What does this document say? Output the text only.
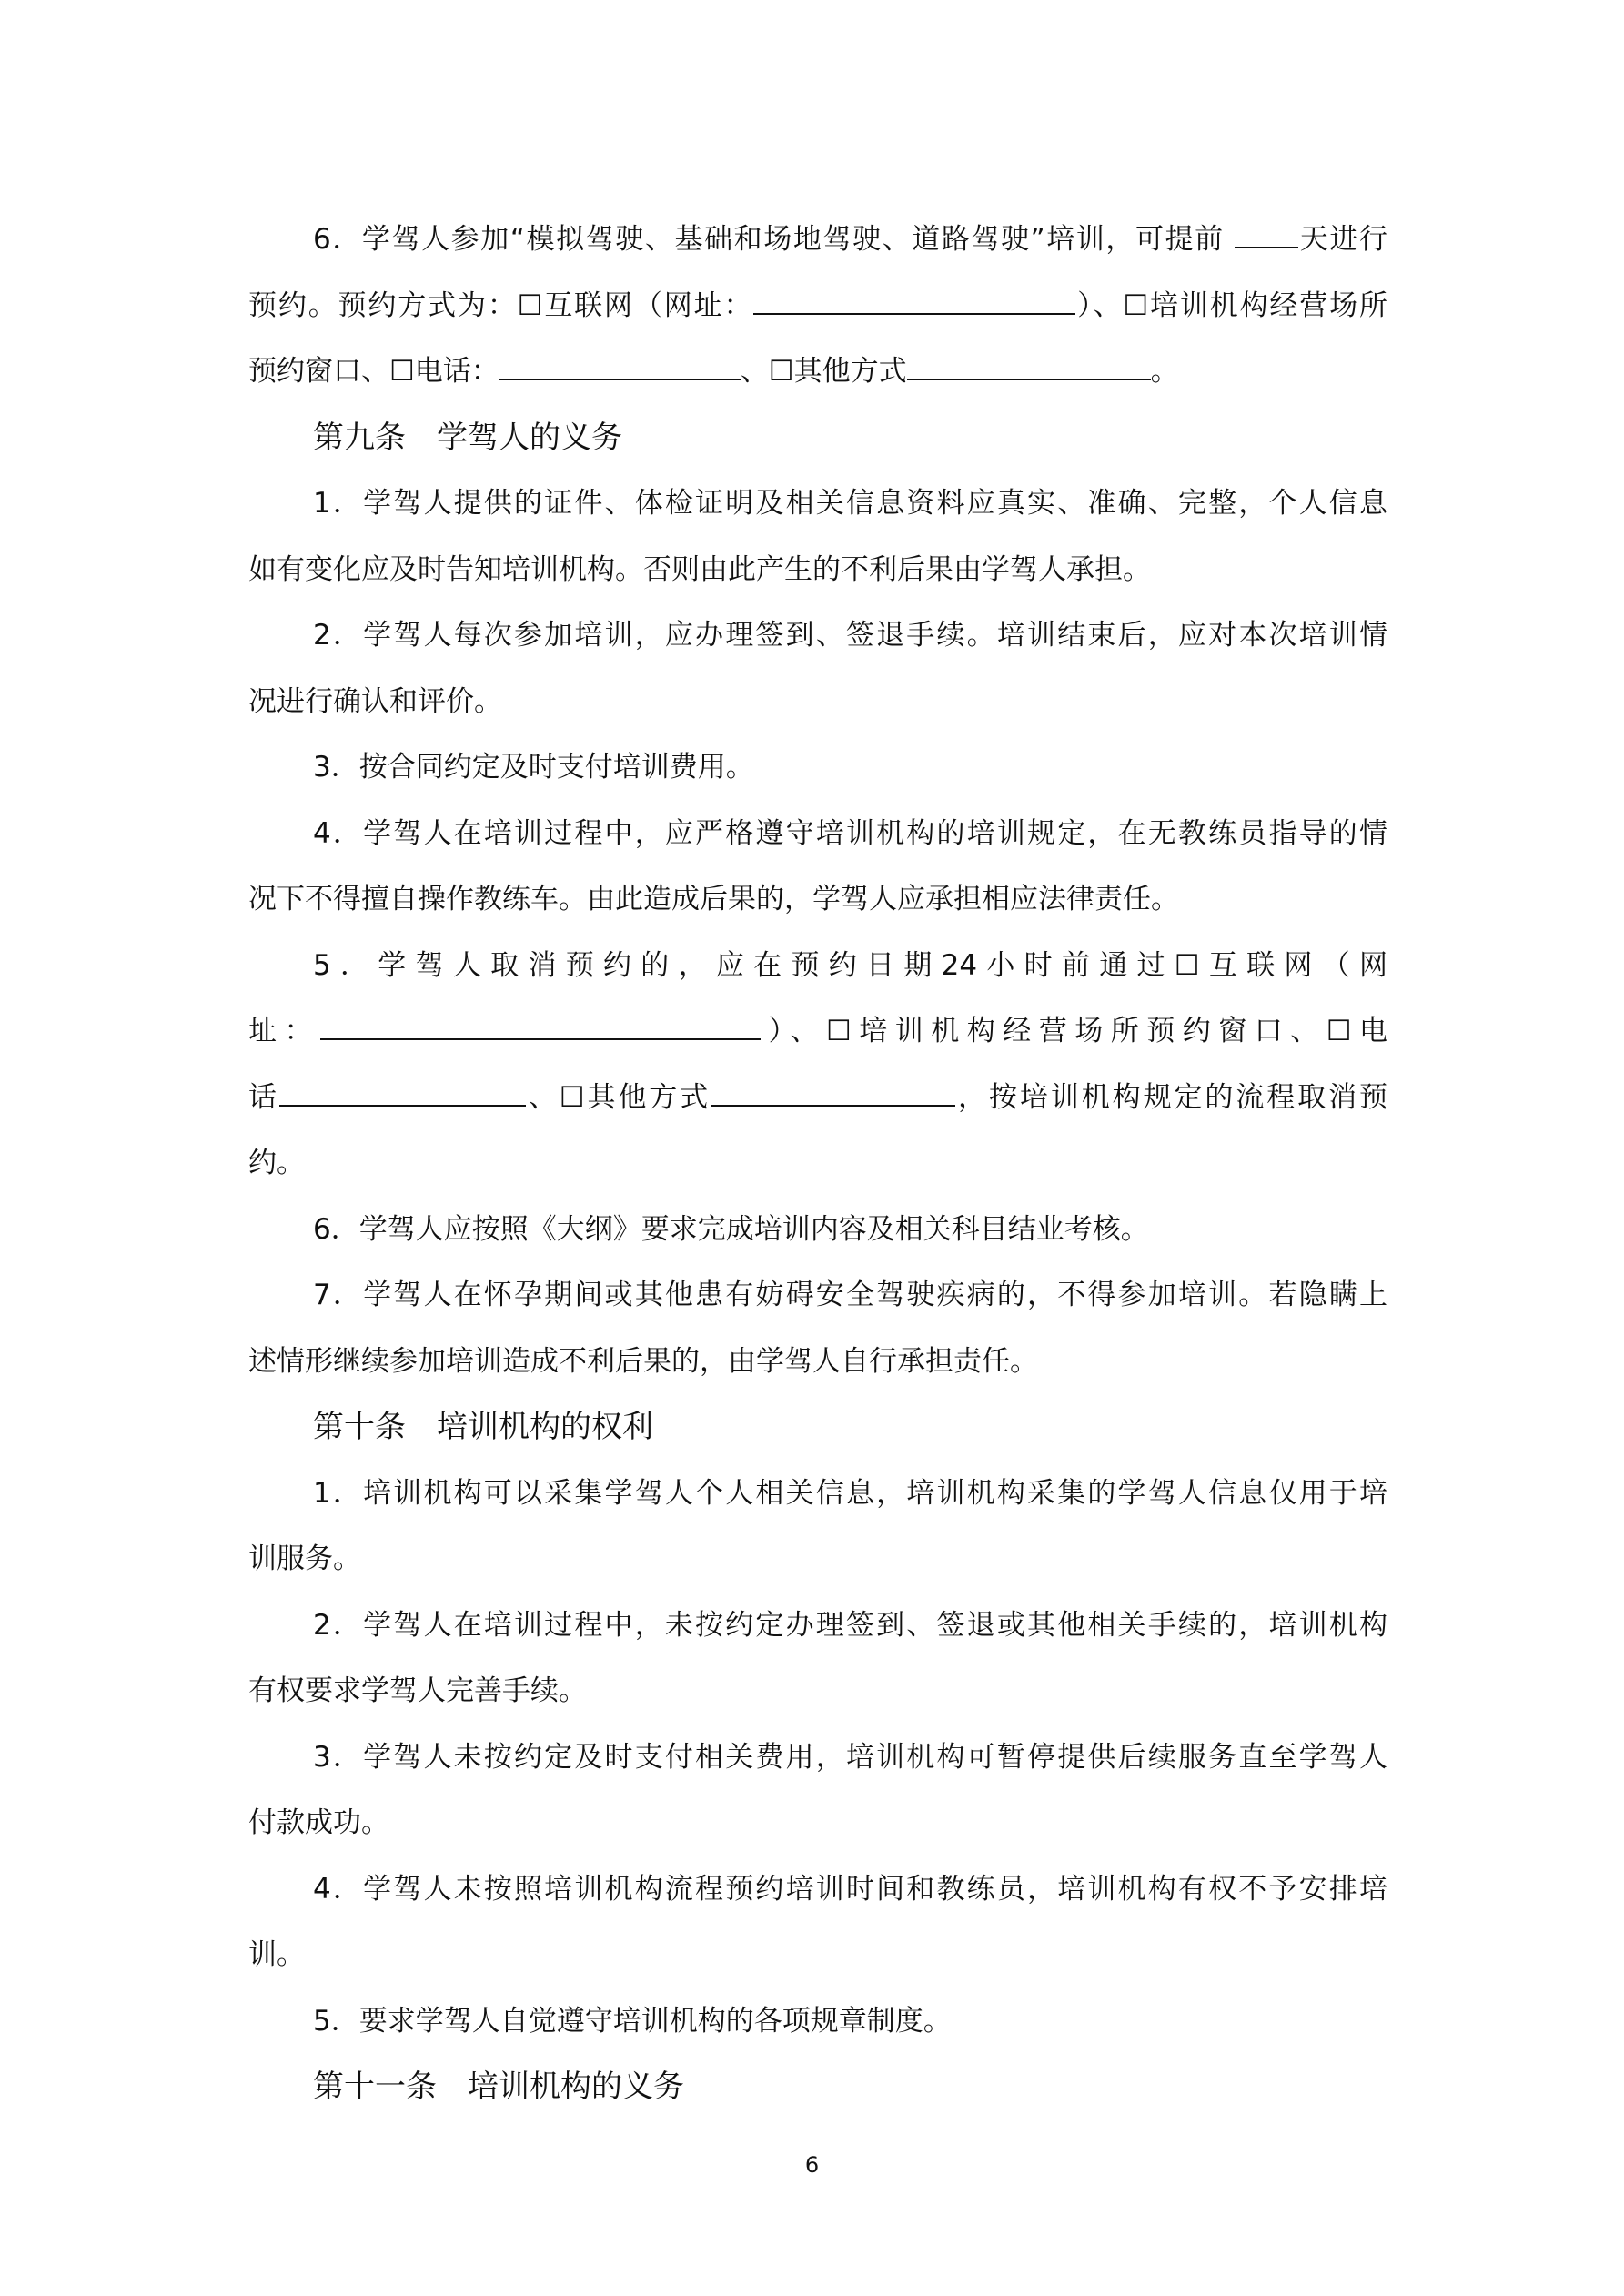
6．学驾人参加“模拟驾驶、基础和场地驾驶、道路驾驶”培训，可提前 天进行
预约。预约方式为：☐互联网（网址：	）、☐培训机构经营场所
预约窗口、☐电话：	、☐其他方式	。
第九条　学驾人的义务
1．学驾人提供的证件、体检证明及相关信息资料应真实、准确、完整，个人信息
如有变化应及时告知培训机构。否则由此产生的不利后果由学驾人承担。
2．学驾人每次参加培训，应办理签到、签退手续。培训结束后，应对本次培训情
况进行确认和评价。
3．按合同约定及时支付培训费用。
4．学驾人在培训过程中，应严格遵守培训机构的培训规定，在无教练员指导的情
况下不得擅自操作教练车。由此造成后果的，学驾人应承担相应法律责任。
5．学驾人取消预约的，应在预约日期24小时前通过☐互联网（网
址：	）、☐培训机构经营场所预约窗口、☐电
话	、☐其他方式	，按培训机构规定的流程取消预
约。
6．学驾人应按照《大纲》要求完成培训内容及相关科目结业考核。
7．学驾人在怀孕期间或其他患有妨碍安全驾驶疾病的，不得参加培训。若隐瞒上
述情形继续参加培训造成不利后果的，由学驾人自行承担责任。
第十条　培训机构的权利
1．培训机构可以采集学驾人个人相关信息，培训机构采集的学驾人信息仅用于培
训服务。
2．学驾人在培训过程中，未按约定办理签到、签退或其他相关手续的，培训机构
有权要求学驾人完善手续。
3．学驾人未按约定及时支付相关费用，培训机构可暂停提供后续服务直至学驾人
付款成功。
4．学驾人未按照培训机构流程预约培训时间和教练员，培训机构有权不予安排培
训。
5．要求学驾人自觉遵守培训机构的各项规章制度。
第十一条　培训机构的义务
6
